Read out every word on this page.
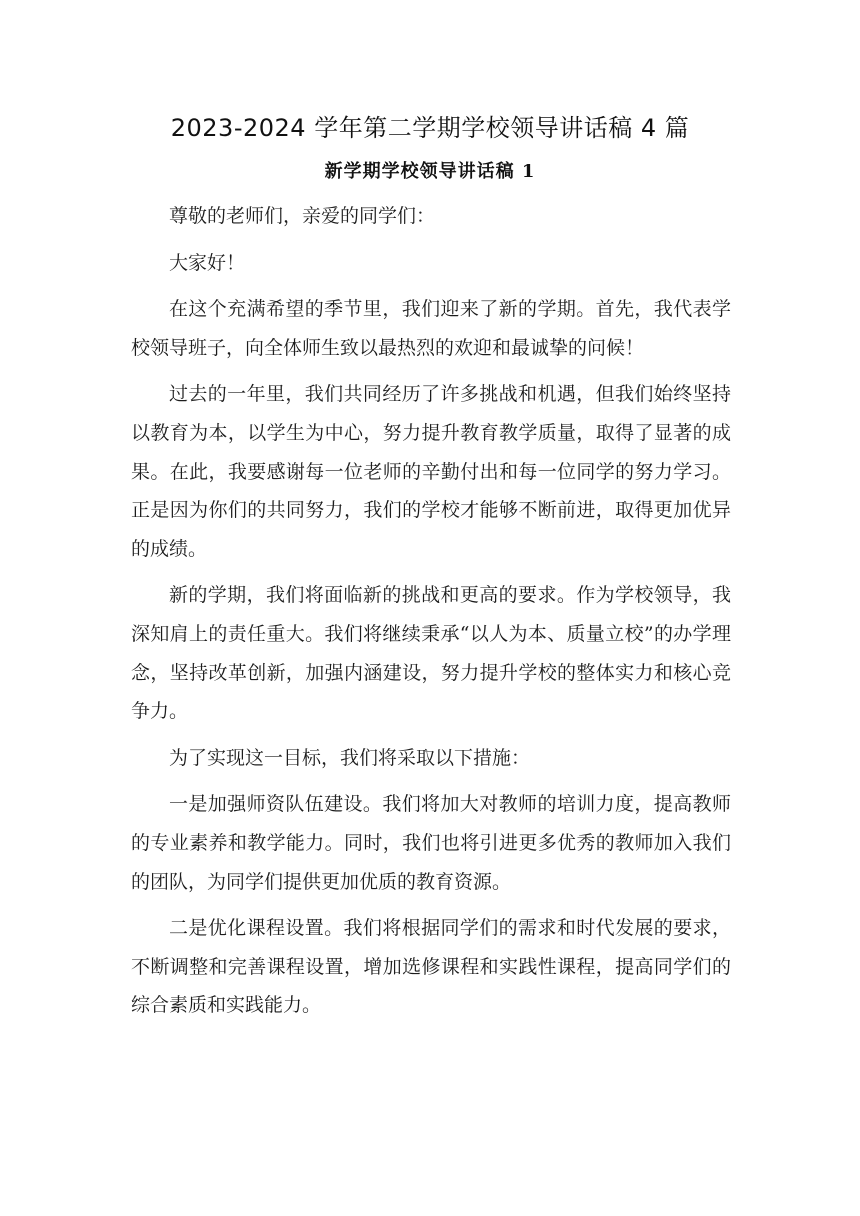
2023-2024 学年第二学期学校领导讲话稿 4 篇
新学期学校领导讲话稿 1

尊敬的老师们，亲爱的同学们：

大家好！

在这个充满希望的季节里，我们迎来了新的学期。首先，我代表学校领导班子，向全体师生致以最热烈的欢迎和最诚挚的问候！

过去的一年里，我们共同经历了许多挑战和机遇，但我们始终坚持以教育为本，以学生为中心，努力提升教育教学质量，取得了显著的成果。在此，我要感谢每一位老师的辛勤付出和每一位同学的努力学习。正是因为你们的共同努力，我们的学校才能够不断前进，取得更加优异的成绩。

新的学期，我们将面临新的挑战和更高的要求。作为学校领导，我深知肩上的责任重大。我们将继续秉承“以人为本、质量立校”的办学理念，坚持改革创新，加强内涵建设，努力提升学校的整体实力和核心竞争力。

为了实现这一目标，我们将采取以下措施：

一是加强师资队伍建设。我们将加大对教师的培训力度，提高教师的专业素养和教学能力。同时，我们也将引进更多优秀的教师加入我们的团队，为同学们提供更加优质的教育资源。

二是优化课程设置。我们将根据同学们的需求和时代发展的要求，不断调整和完善课程设置，增加选修课程和实践性课程，提高同学们的综合素质和实践能力。
